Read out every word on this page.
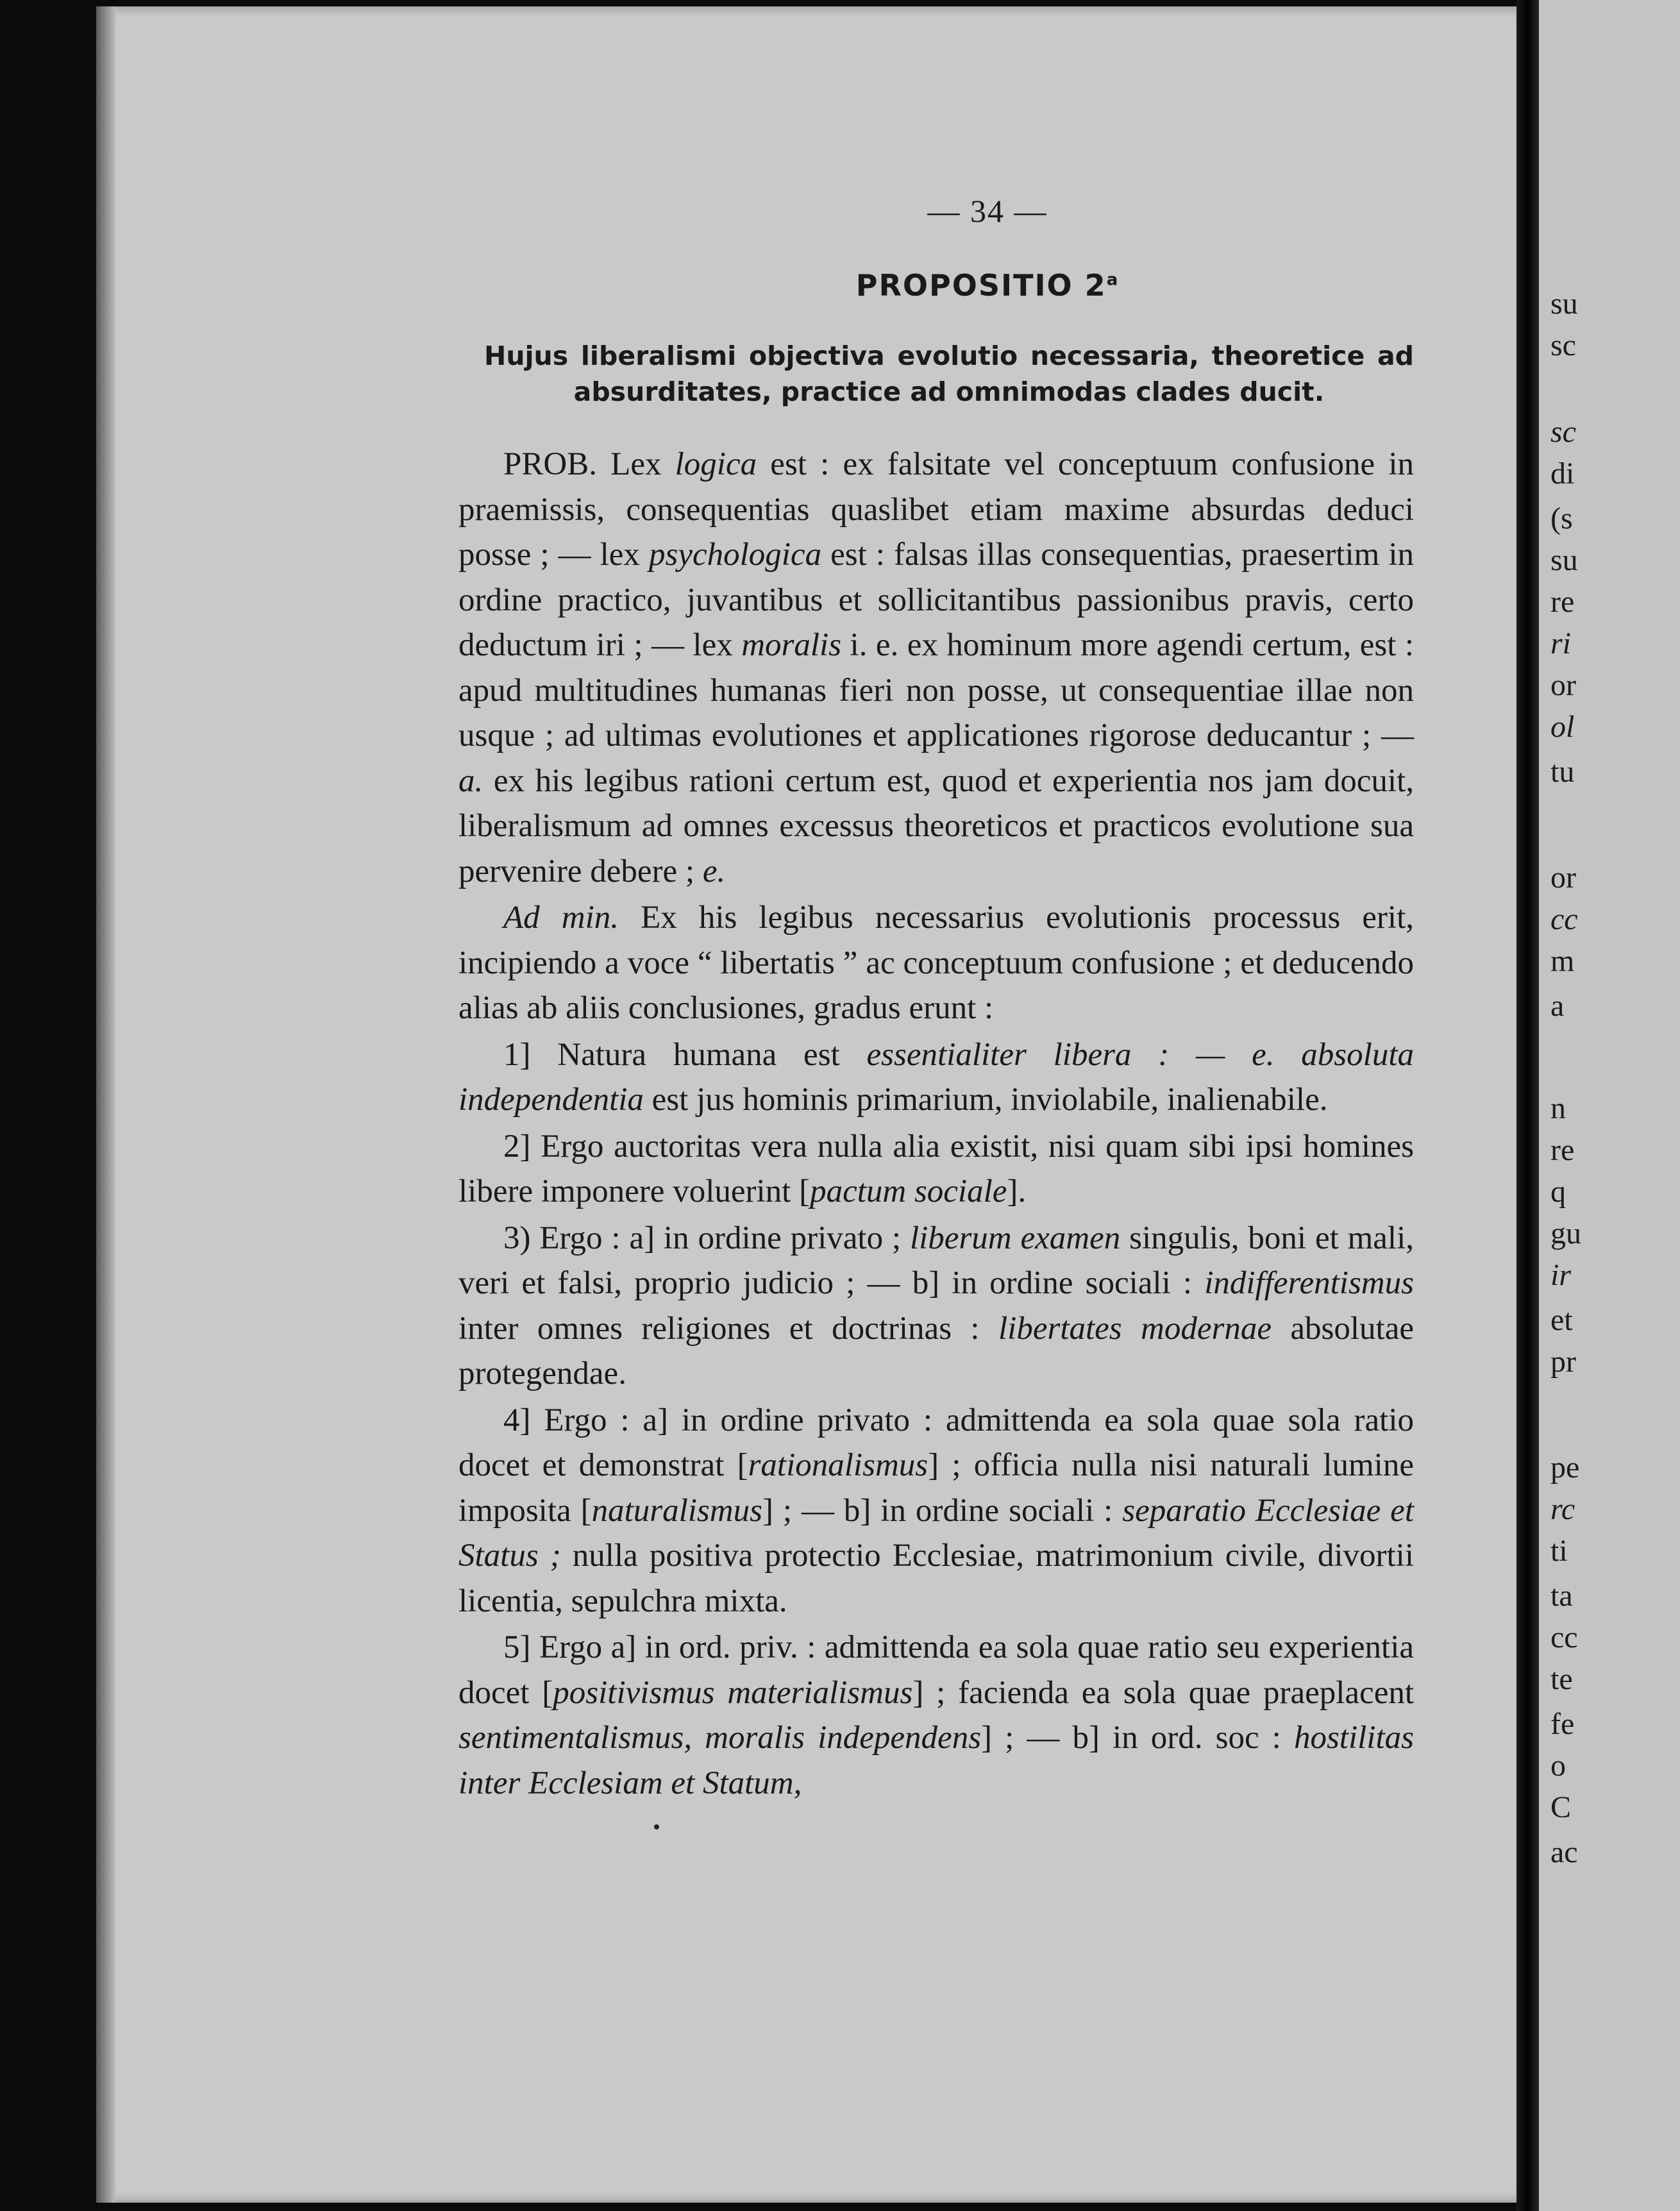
su
sc
sc
di
(s
su
re
ri
or
ol
tu
or
cc
m
a
n
re
q
gu
ir
et
pr
pe
rc
ti
ta
cc
te
fe
o
C
ac
— 34 —
PROPOSITIO 2$^a$
Hujus liberalismi objectiva evolutio necessaria, theoretice ad absurditates, practice ad omnimodas clades ducit.

PROB. Lex logica est : ex falsitate vel conceptuum confusione in praemissis, consequentias quaslibet etiam maxime absurdas deduci posse ; — lex psychologica est : falsas illas consequentias, praesertim in ordine practico, juvantibus et sollicitantibus passionibus pravis, certo deductum iri ; — lex moralis i. e. ex hominum more agendi certum, est : apud multitudines humanas fieri non posse, ut consequentiae illae non usque ; ad ultimas evolutiones et applicationes rigorose deducantur ; — a. ex his legibus rationi certum est, quod et experientia nos jam docuit, liberalismum ad omnes excessus theoreticos et practicos evolutione sua pervenire debere ; e.

Ad min. Ex his legibus necessarius evolutionis processus erit, incipiendo a voce “ libertatis ” ac conceptuum confusione ; et deducendo alias ab aliis conclusiones, gradus erunt :

1] Natura humana est essentialiter libera : — e. absoluta independentia est jus hominis primarium, inviolabile, inalienabile.

2] Ergo auctoritas vera nulla alia existit, nisi quam sibi ipsi homines libere imponere voluerint [pactum sociale].

3) Ergo : a] in ordine privato ; liberum examen singulis, boni et mali, veri et falsi, proprio judicio ; — b] in ordine sociali : indifferentismus inter omnes religiones et doctrinas : libertates modernae absolutae protegendae.

4] Ergo : a] in ordine privato : admittenda ea sola quae sola ratio docet et demonstrat [rationalismus] ; officia nulla nisi naturali lumine imposita [naturalismus] ; — b] in ordine sociali : separatio Ecclesiae et Status ; nulla positiva protectio Ecclesiae, matrimonium civile, divortii licentia, sepulchra mixta.

5] Ergo a] in ord. priv. : admittenda ea sola quae ratio seu experientia docet [positivismus materialismus] ; facienda ea sola quae praeplacent sentimentalismus, moralis independens] ; — b] in ord. soc : hostilitas inter Ecclesiam et Statum,
